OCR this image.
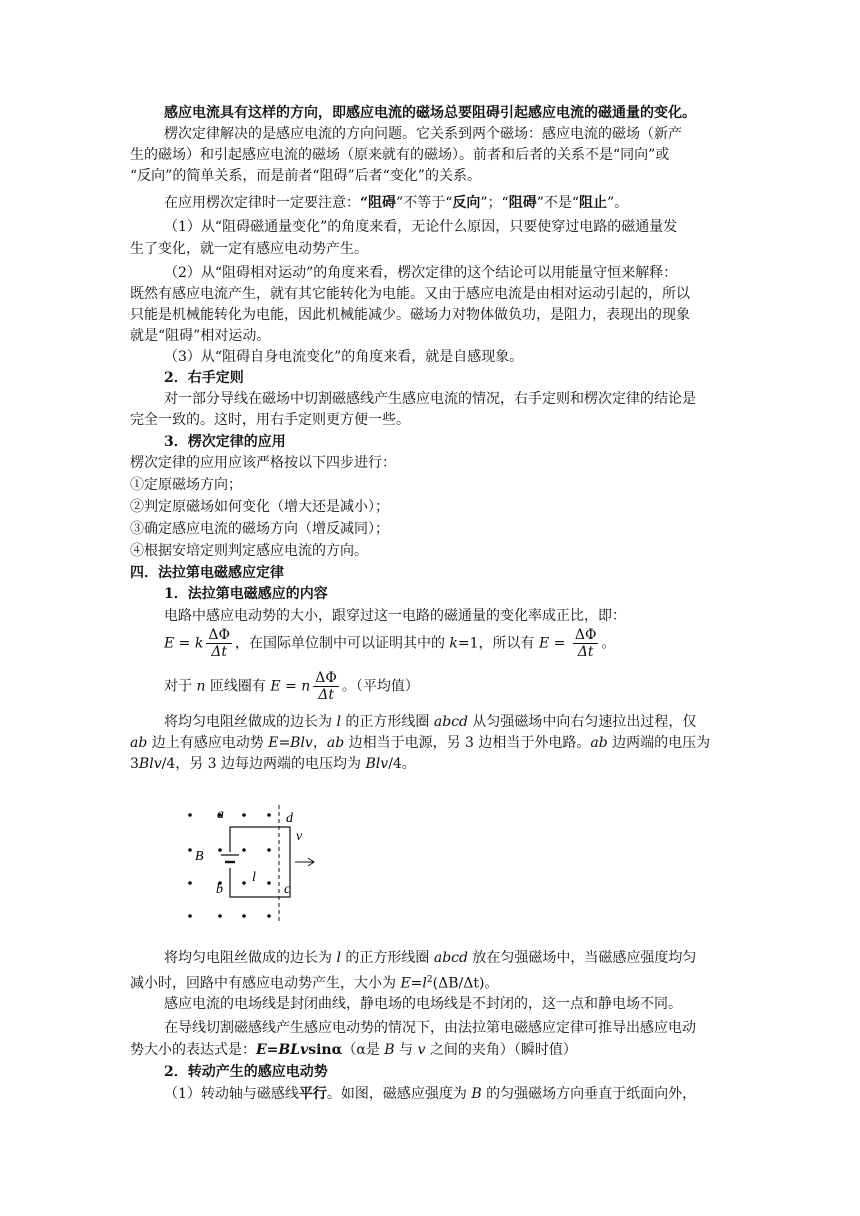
感应电流具有这样的方向，即感应电流的磁场总要阻碍引起感应电流的磁通量的变化。
楞次定律解决的是感应电流的方向问题。它关系到两个磁场：感应电流的磁场（新产
生的磁场）和引起感应电流的磁场（原来就有的磁场）。前者和后者的关系不是“同向”或
“反向”的简单关系，而是前者“阻碍”后者“变化”的关系。
在应用楞次定律时一定要注意：“阻碍”不等于“反向”；“阻碍”不是“阻止”。
（1）从“阻碍磁通量变化”的角度来看，无论什么原因，只要使穿过电路的磁通量发
生了变化，就一定有感应电动势产生。
（2）从“阻碍相对运动”的角度来看，楞次定律的这个结论可以用能量守恒来解释：
既然有感应电流产生，就有其它能转化为电能。又由于感应电流是由相对运动引起的，所以
只能是机械能转化为电能，因此机械能减少。磁场力对物体做负功，是阻力，表现出的现象
就是“阻碍”相对运动。
（3）从“阻碍自身电流变化”的角度来看，就是自感现象。
2．右手定则
对一部分导线在磁场中切割磁感线产生感应电流的情况，右手定则和楞次定律的结论是
完全一致的。这时，用右手定则更方便一些。
3．楞次定律的应用
楞次定律的应用应该严格按以下四步进行：
①定原磁场方向；
②判定原磁场如何变化（增大还是减小）；
③确定感应电流的磁场方向（增反减同）；
④根据安培定则判定感应电流的方向。
四．法拉第电磁感应定律
1．法拉第电磁感应的内容
电路中感应电动势的大小，跟穿过这一电路的磁通量的变化率成正比，即：
E = k $\frac{\Delta\Phi}{\Delta t}$ ，在国际单位制中可以证明其中的 k=1，所以有 $E = \frac{\Delta\Phi}{\Delta t}$ 。
对于 n 匝线圈有 E = n $\frac{\Delta\Phi}{\Delta t}$ 。（平均值）
将均匀电阻丝做成的边长为 l 的正方形线圈 abcd 从匀强磁场中向右匀速拉出过程，仅
ab 边上有感应电动势 E=Blv，ab 边相当于电源，另 3 边相当于外电路。ab 边两端的电压为
3Blv/4，另 3 边每边两端的电压均为 Blv/4。
a
b	c
d
v
B
l
将均匀电阻丝做成的边长为 l 的正方形线圈 abcd 放在匀强磁场中，当磁感应强度均匀
减小时，回路中有感应电动势产生，大小为 $E=l^2(\Delta B/\Delta t)$。
感应电流的电场线是封闭曲线，静电场的电场线是不封闭的，这一点和静电场不同。
在导线切割磁感线产生感应电动势的情况下，由法拉第电磁感应定律可推导出感应电动
势大小的表达式是：E=BLvsinα（α是 B 与 v 之间的夹角）（瞬时值）
2．转动产生的感应电动势
（1）转动轴与磁感线平行。如图，磁感应强度为 B 的匀强磁场方向垂直于纸面向外，
